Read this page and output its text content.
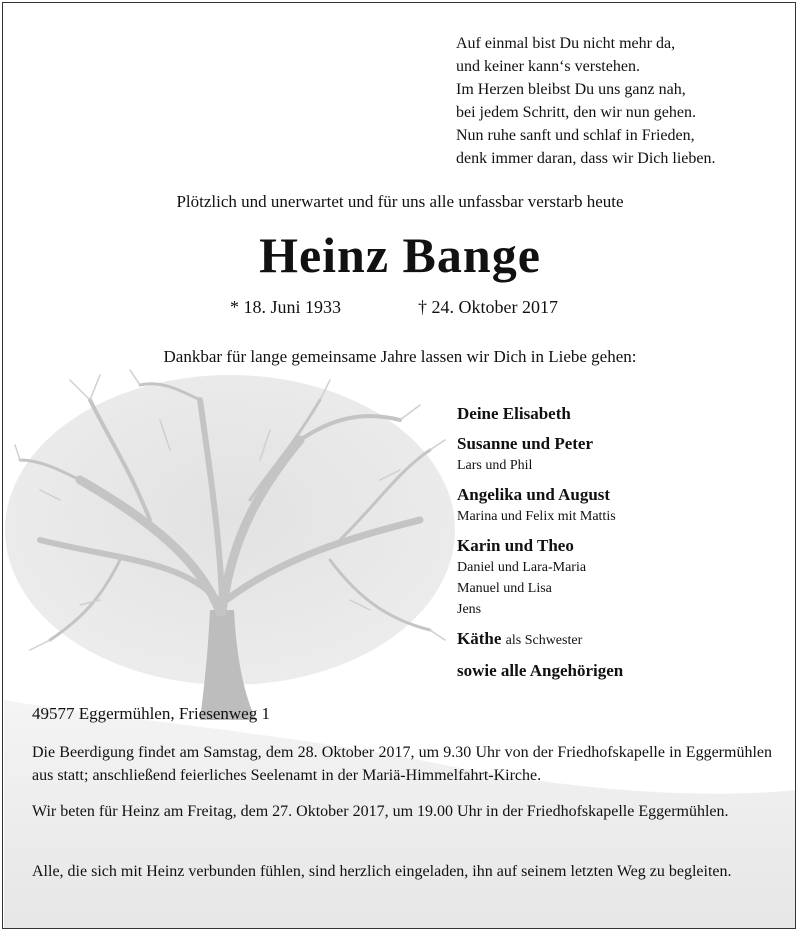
Auf einmal bist Du nicht mehr da,
und keiner kann‘s verstehen.
Im Herzen bleibst Du uns ganz nah,
bei jedem Schritt, den wir nun gehen.
Nun ruhe sanft und schlaf in Frieden,
denk immer daran, dass wir Dich lieben.
Plötzlich und unerwartet und für uns alle unfassbar verstarb heute
Heinz Bange
* 18. Juni 1933	† 24. Oktober 2017
Dankbar für lange gemeinsame Jahre lassen wir Dich in Liebe gehen:
Deine Elisabeth
Susanne und Peter
Lars und Phil
Angelika und August
Marina und Felix mit Mattis
Karin und Theo
Daniel und Lara-Maria
Manuel und Lisa
Jens
Käthe als Schwester
sowie alle Angehörigen
49577 Eggermühlen, Friesenweg 1
Die Beerdigung findet am Samstag, dem 28. Oktober 2017, um 9.30 Uhr von der Friedhofskapelle in Eggermühlen aus statt; anschließend feierliches Seelenamt in der Mariä-Himmelfahrt-Kirche.
Wir beten für Heinz am Freitag, dem 27. Oktober 2017, um 19.00 Uhr in der Friedhofskapelle Eggermühlen.
Alle, die sich mit Heinz verbunden fühlen, sind herzlich eingeladen, ihn auf seinem letzten Weg zu begleiten.
